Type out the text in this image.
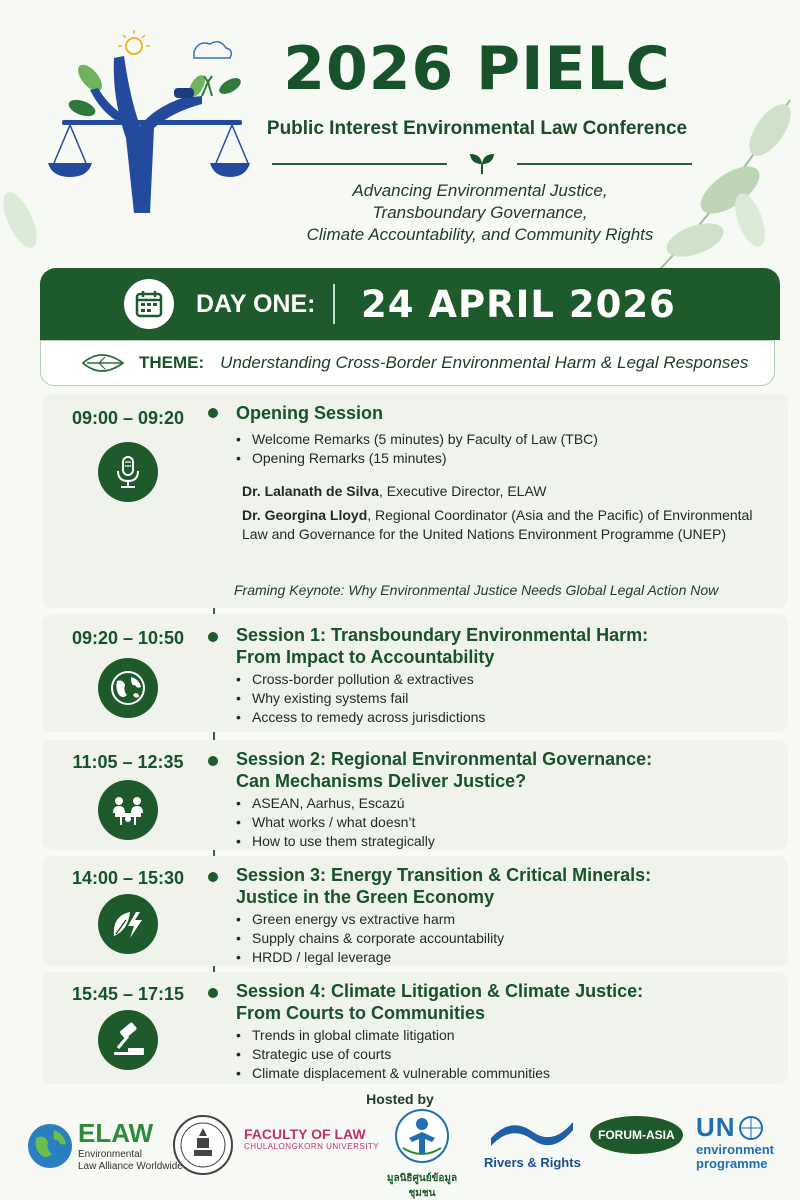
2026 PIELC
Public Interest Environmental Law Conference
Advancing Environmental Justice,
Transboundary Governance,
Climate Accountability, and Community Rights
DAY ONE: 24 APRIL 2026
THEME: Understanding Cross-Border Environmental Harm & Legal Responses
09:00 – 09:20	Opening Session
• Welcome Remarks (5 minutes) by Faculty of Law (TBC)
• Opening Remarks (15 minutes)
Dr. Lalanath de Silva, Executive Director, ELAW
Dr. Georgina Lloyd, Regional Coordinator (Asia and the Pacific) of Environmental Law and Governance for the United Nations Environment Programme (UNEP)
Framing Keynote: Why Environmental Justice Needs Global Legal Action Now
09:20 – 10:50	Session 1: Transboundary Environmental Harm:
From Impact to Accountability
• Cross-border pollution & extractives
• Why existing systems fail
• Access to remedy across jurisdictions
11:05 – 12:35	Session 2: Regional Environmental Governance:
Can Mechanisms Deliver Justice?
• ASEAN, Aarhus, Escazú
• What works / what doesn’t
• How to use them strategically
14:00 – 15:30	Session 3: Energy Transition & Critical Minerals:
Justice in the Green Economy
• Green energy vs extractive harm
• Supply chains & corporate accountability
• HRDD / legal leverage
15:45 – 17:15	Session 4: Climate Litigation & Climate Justice:
From Courts to Communities
• Trends in global climate litigation
• Strategic use of courts
• Climate displacement & vulnerable communities
Hosted by
ELAW
Environmental
Law Alliance Worldwide
FACULTY OF LAW
CHULALONGKORN UNIVERSITY
มูลนิธิศูนย์ข้อมูลชุมชน
Rivers & Rights
FORUM-ASIA UN
environment
programme
